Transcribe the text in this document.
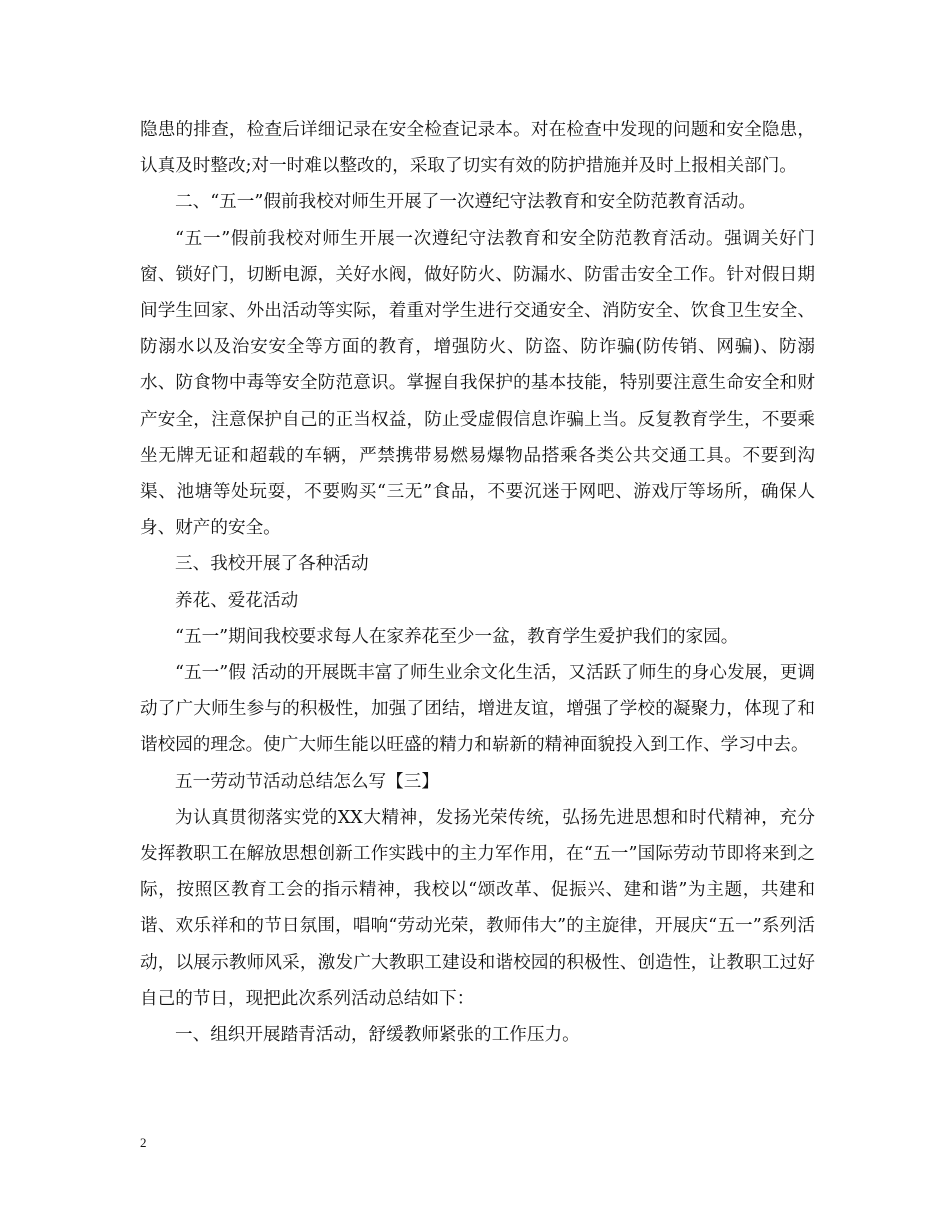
隐患的排查，检查后详细记录在安全检查记录本。对在检查中发现的问题和安全隐患，认真及时整改;对一时难以整改的，采取了切实有效的防护措施并及时上报相关部门。

二、“五一”假前我校对师生开展了一次遵纪守法教育和安全防范教育活动。

“五一”假前我校对师生开展一次遵纪守法教育和安全防范教育活动。强调关好门窗、锁好门，切断电源，关好水阀，做好防火、防漏水、防雷击安全工作。针对假日期间学生回家、外出活动等实际，着重对学生进行交通安全、消防安全、饮食卫生安全、防溺水以及治安安全等方面的教育，增强防火、防盗、防诈骗(防传销、网骗)、防溺水、防食物中毒等安全防范意识。掌握自我保护的基本技能，特别要注意生命安全和财产安全，注意保护自己的正当权益，防止受虚假信息诈骗上当。反复教育学生，不要乘坐无牌无证和超载的车辆，严禁携带易燃易爆物品搭乘各类公共交通工具。不要到沟渠、池塘等处玩耍，不要购买“三无”食品，不要沉迷于网吧、游戏厅等场所，确保人身、财产的安全。

三、我校开展了各种活动

养花、爱花活动

“五一”期间我校要求每人在家养花至少一盆，教育学生爱护我们的家园。

“五一”假 活动的开展既丰富了师生业余文化生活，又活跃了师生的身心发展，更调动了广大师生参与的积极性，加强了团结，增进友谊，增强了学校的凝聚力，体现了和谐校园的理念。使广大师生能以旺盛的精力和崭新的精神面貌投入到工作、学习中去。

五一劳动节活动总结怎么写【三】

为认真贯彻落实党的XX大精神，发扬光荣传统，弘扬先进思想和时代精神，充分发挥教职工在解放思想创新工作实践中的主力军作用，在“五一”国际劳动节即将来到之际，按照区教育工会的指示精神，我校以“颂改革、促振兴、建和谐”为主题，共建和谐、欢乐祥和的节日氛围，唱响“劳动光荣，教师伟大”的主旋律，开展庆“五一”系列活动，以展示教师风采，激发广大教职工建设和谐校园的积极性、创造性，让教职工过好自己的节日，现把此次系列活动总结如下：

一、组织开展踏青活动，舒缓教师紧张的工作压力。

2
